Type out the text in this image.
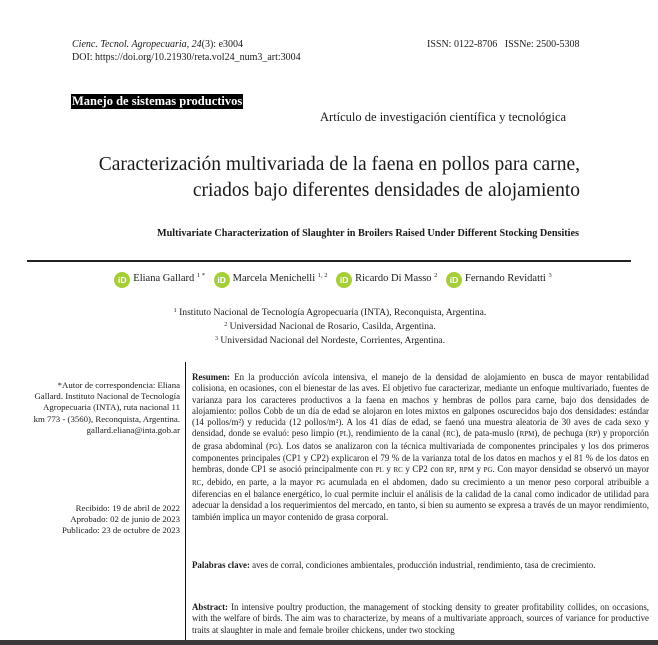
Cienc. Tecnol. Agropecuaria, 24(3): e3004
DOI: https://doi.org/10.21930/reta.vol24_num3_art:3004
ISSN: 0122-8706   ISSNe: 2500-5308
Manejo de sistemas productivos
Artículo de investigación científica y tecnológica
Caracterización multivariada de la faena en pollos para carne, criados bajo diferentes densidades de alojamiento
Multivariate Characterization of Slaughter in Broilers Raised Under Different Stocking Densities
iD Eliana Gallard $^{1 *}$ iD Marcela Menichelli $^{1, 2}$ iD Ricardo Di Masso $^2$ iD Fernando Revidatti $^3$
$^1$ Instituto Nacional de Tecnología Agropecuaria (INTA), Reconquista, Argentina.
$^2$ Universidad Nacional de Rosario, Casilda, Argentina.
$^3$ Universidad Nacional del Nordeste, Corrientes, Argentina.
*Autor de correspondencia: Eliana
Gallard. Instituto Nacional de Tecnología
Agropecuaria (INTA), ruta nacional 11
km 773 - (3560), Reconquista, Argentina.
gallard.eliana@inta.gob.ar
Recibido: 19 de abril de 2022
Aprobado: 02 de junio de 2023
Publicado: 23 de octubre de 2023
Resumen: En la producción avícola intensiva, el manejo de la densidad de alojamiento en busca de mayor rentabilidad colisiona, en ocasiones, con el bienestar de las aves. El objetivo fue caracterizar, mediante un enfoque multivariado, fuentes de varianza para los caracteres productivos a la faena en machos y hembras de pollos para carne, bajo dos densidades de alojamiento: pollos Cobb de un día de edad se alojaron en lotes mixtos en galpones oscurecidos bajo dos densidades: estándar (14 pollos/m²) y reducida (12 pollos/m²). A los 41 días de edad, se faenó una muestra aleatoria de 30 aves de cada sexo y densidad, donde se evaluó: peso limpio (PL), rendimiento de la canal (RC), de pata-muslo (RPM), de pechuga (RP) y proporción de grasa abdominal (PG). Los datos se analizaron con la técnica multivariada de componentes principales y los dos primeros componentes principales (CP1 y CP2) explicaron el 79 % de la varianza total de los datos en machos y el 81 % de los datos en hembras, donde CP1 se asoció principalmente con PL y RC y CP2 con RP, RPM y PG. Con mayor densidad se observó un mayor RC, debido, en parte, a la mayor PG acumulada en el abdomen, dado su crecimiento a un menor peso corporal atribuible a diferencias en el balance energético, lo cual permite incluir el análisis de la calidad de la canal como indicador de utilidad para adecuar la densidad a los requerimientos del mercado, en tanto, si bien su aumento se expresa a través de un mayor rendimiento, también implica un mayor contenido de grasa corporal.
Palabras clave: aves de corral, condiciones ambientales, producción industrial, rendimiento, tasa de crecimiento.
Abstract: In intensive poultry production, the management of stocking density to greater profitability collides, on occasions, with the welfare of birds. The aim was to characterize, by means of a multivariate approach, sources of variance for productive traits at slaughter in male and female broiler chickens, under two stocking
